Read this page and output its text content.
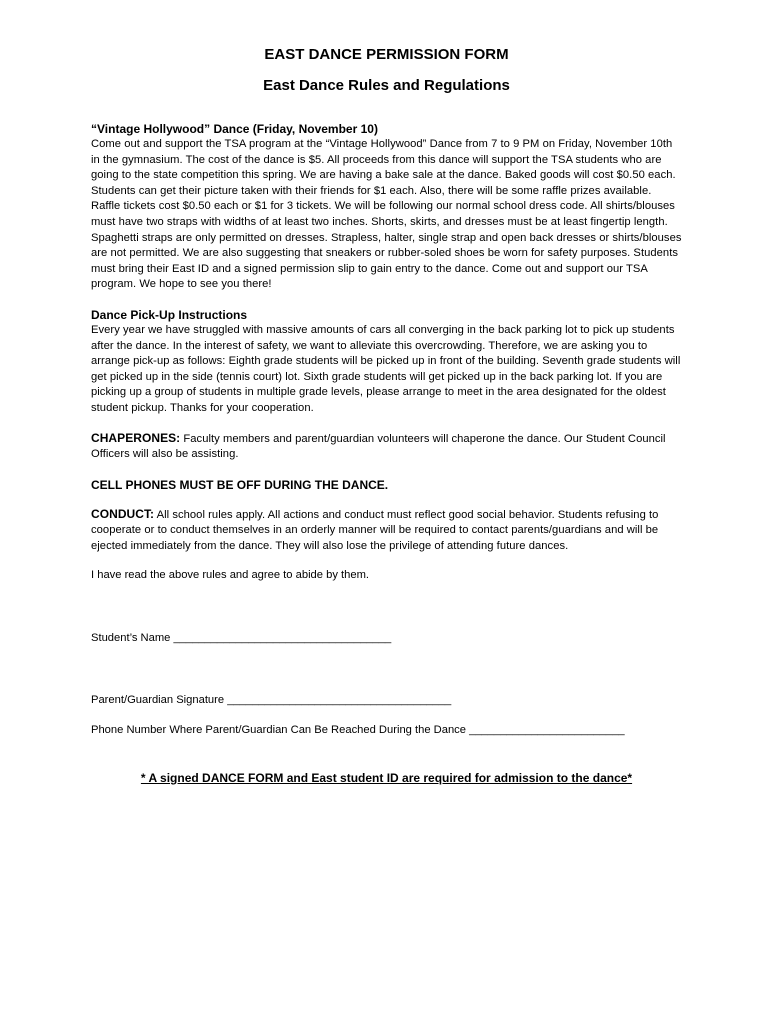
EAST DANCE PERMISSION FORM
East Dance Rules and Regulations

“Vintage Hollywood” Dance (Friday, November 10)

Come out and support the TSA program at the “Vintage Hollywood” Dance from 7 to 9 PM on Friday, November 10th in the gymnasium. The cost of the dance is $5. All proceeds from this dance will support the TSA students who are going to the state competition this spring. We are having a bake sale at the dance. Baked goods will cost $0.50 each. Students can get their picture taken with their friends for $1 each. Also, there will be some raffle prizes available. Raffle tickets cost $0.50 each or $1 for 3 tickets. We will be following our normal school dress code. All shirts/blouses must have two straps with widths of at least two inches. Shorts, skirts, and dresses must be at least fingertip length. Spaghetti straps are only permitted on dresses. Strapless, halter, single strap and open back dresses or shirts/blouses are not permitted. We are also suggesting that sneakers or rubber-soled shoes be worn for safety purposes. Students must bring their East ID and a signed permission slip to gain entry to the dance. Come out and support our TSA program. We hope to see you there!

Dance Pick-Up Instructions

Every year we have struggled with massive amounts of cars all converging in the back parking lot to pick up students after the dance. In the interest of safety, we want to alleviate this overcrowding. Therefore, we are asking you to arrange pick-up as follows: Eighth grade students will be picked up in front of the building. Seventh grade students will get picked up in the side (tennis court) lot. Sixth grade students will get picked up in the back parking lot. If you are picking up a group of students in multiple grade levels, please arrange to meet in the area designated for the oldest student pickup. Thanks for your cooperation.

CHAPERONES: Faculty members and parent/guardian volunteers will chaperone the dance. Our Student Council Officers will also be assisting.

CELL PHONES MUST BE OFF DURING THE DANCE.

CONDUCT: All school rules apply. All actions and conduct must reflect good social behavior. Students refusing to cooperate or to conduct themselves in an orderly manner will be required to contact parents/guardians and will be ejected immediately from the dance. They will also lose the privilege of attending future dances.

I have read the above rules and agree to abide by them.

Student’s Name ___________________________________

Parent/Guardian Signature ____________________________________

Phone Number Where Parent/Guardian Can Be Reached During the Dance _________________________

* A signed DANCE FORM and East student ID are required for admission to the dance*
